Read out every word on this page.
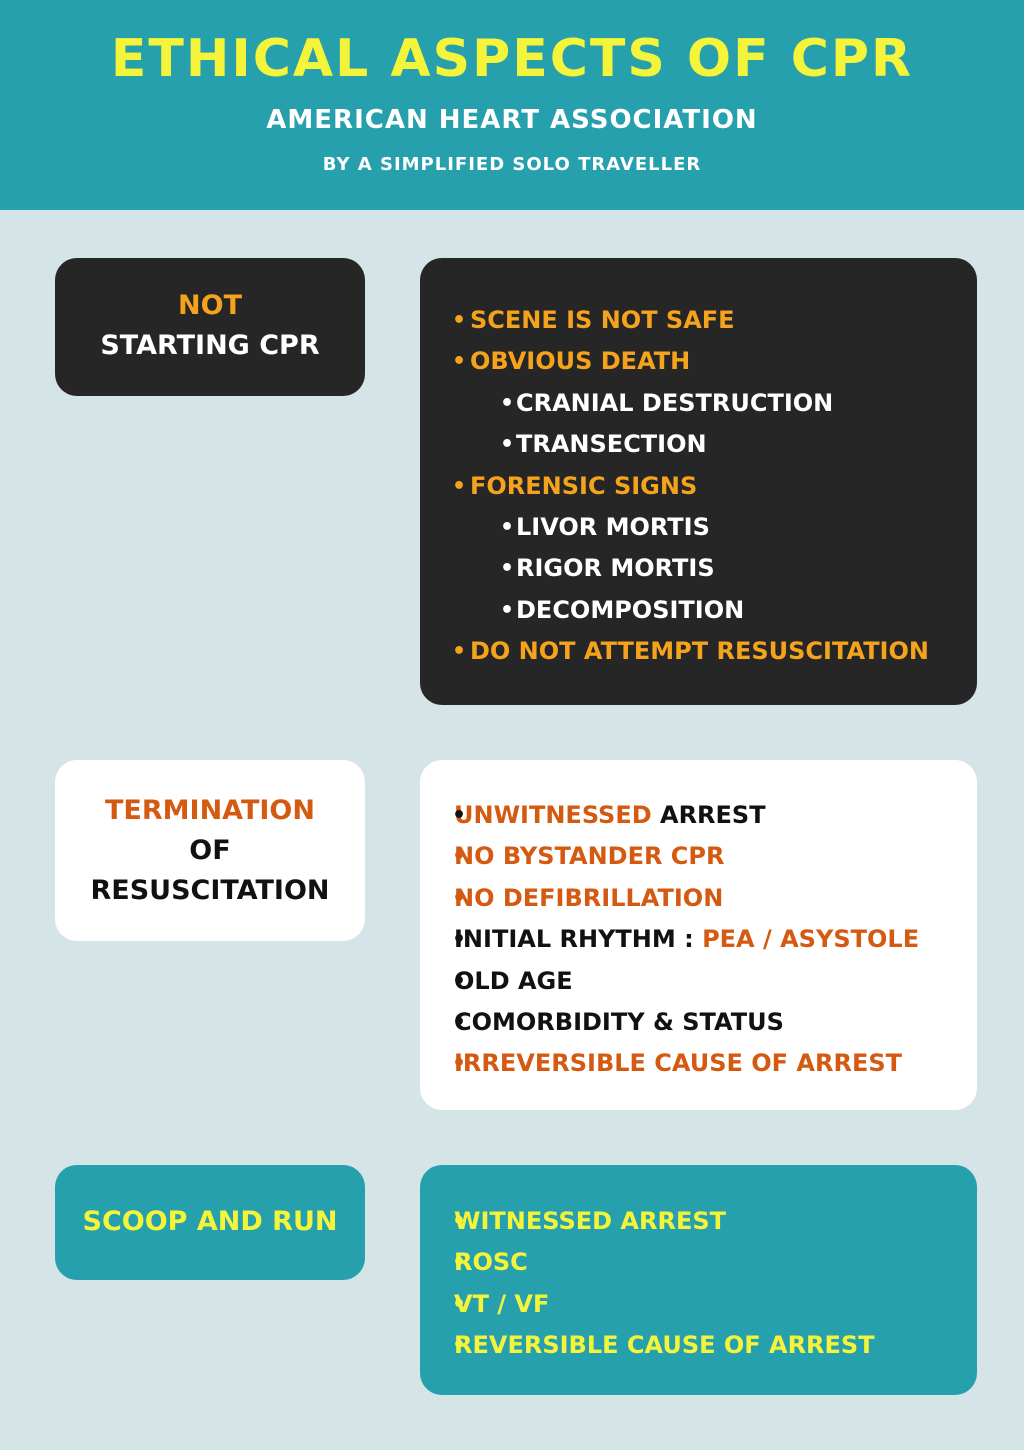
ETHICAL ASPECTS OF CPR
AMERICAN HEART ASSOCIATION
BY A SIMPLIFIED SOLO TRAVELLER
NOT
STARTING CPR
• SCENE IS NOT SAFE
• OBVIOUS DEATH
• CRANIAL DESTRUCTION
• TRANSECTION
• FORENSIC SIGNS
• LIVOR MORTIS
• RIGOR MORTIS
• DECOMPOSITION
• DO NOT ATTEMPT RESUSCITATION
TERMINATION
OF
RESUSCITATION
• UNWITNESSED ARREST
• NO BYSTANDER CPR
• NO DEFIBRILLATION
• INITIAL RHYTHM : PEA / ASYSTOLE
• OLD AGE
• COMORBIDITY & STATUS
• IRREVERSIBLE CAUSE OF ARREST
SCOOP AND RUN
•	WITNESSED ARREST
• ROSC
• VT / VF
• REVERSIBLE CAUSE OF ARREST
